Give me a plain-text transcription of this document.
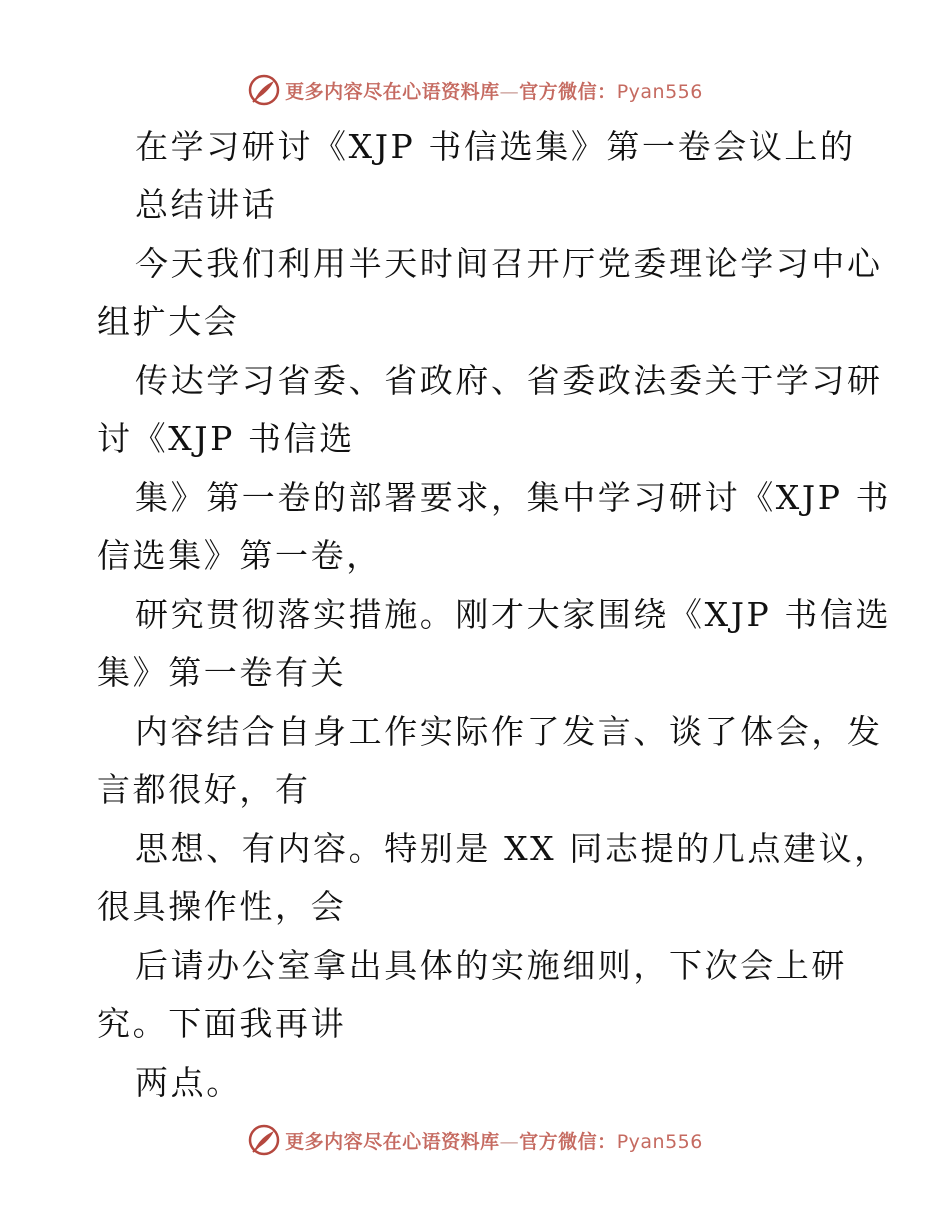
更多内容尽在心语资料库—官方微信：Pyan556
在学习研讨《XJP 书信选集》第一卷会议上的
总结讲话
今天我们利用半天时间召开厅党委理论学习中心
组扩大会
传达学习省委、省政府、省委政法委关于学习研
讨《XJP 书信选
集》第一卷的部署要求，集中学习研讨《XJP 书
信选集》第一卷，
研究贯彻落实措施。刚才大家围绕《XJP 书信选
集》第一卷有关
内容结合自身工作实际作了发言、谈了体会，发
言都很好，有
思想、有内容。特别是 XX 同志提的几点建议，
很具操作性，会
后请办公室拿出具体的实施细则，下次会上研
究。下面我再讲
两点。
更多内容尽在心语资料库—官方微信：Pyan556
